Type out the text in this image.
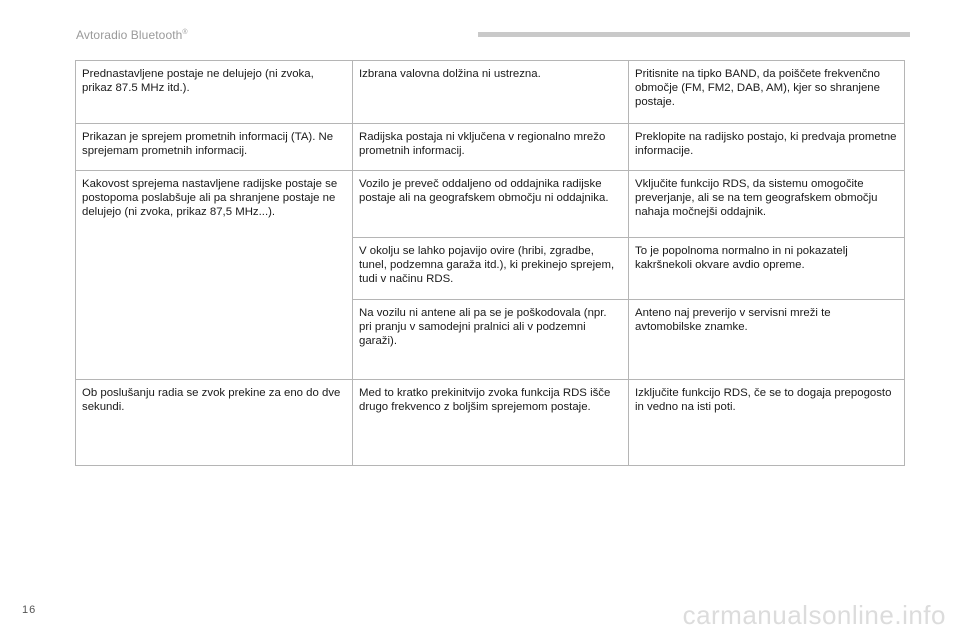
Avtoradio Bluetooth®
Prednastavljene postaje ne delujejo (ni zvoka, prikaz 87.5 MHz itd.).	Izbrana valovna dolžina ni ustrezna.	Pritisnite na tipko BAND, da poiščete frekvenčno območje (FM, FM2, DAB, AM), kjer so shranjene postaje.
Prikazan je sprejem prometnih informacij (TA). Ne sprejemam prometnih informacij.	Radijska postaja ni vključena v regionalno mrežo prometnih informacij.	Preklopite na radijsko postajo, ki predvaja prometne informacije.
Kakovost sprejema nastavljene radijske postaje se postopoma poslabšuje ali pa shranjene postaje ne delujejo (ni zvoka, prikaz 87,5 MHz...).	Vozilo je preveč oddaljeno od oddajnika radijske postaje ali na geografskem območju ni oddajnika.	Vključite funkcijo RDS, da sistemu omogočite preverjanje, ali se na tem geografskem območju nahaja močnejši oddajnik.
	V okolju se lahko pojavijo ovire (hribi, zgradbe, tunel, podzemna garaža itd.), ki prekinejo sprejem, tudi v načinu RDS.	To je popolnoma normalno in ni pokazatelj kakršnekoli okvare avdio opreme.
	Na vozilu ni antene ali pa se je poškodovala (npr. pri pranju v samodejni pralnici ali v podzemni garaži).	Anteno naj preverijo v servisni mreži te avtomobilske znamke.
Ob poslušanju radia se zvok prekine za eno do dve sekundi.	Med to kratko prekinitvijo zvoka funkcija RDS išče drugo frekvenco z boljšim sprejemom postaje.	Izključite funkcijo RDS, če se to dogaja prepogosto in vedno na isti poti.
16	carmanualsonline.info
